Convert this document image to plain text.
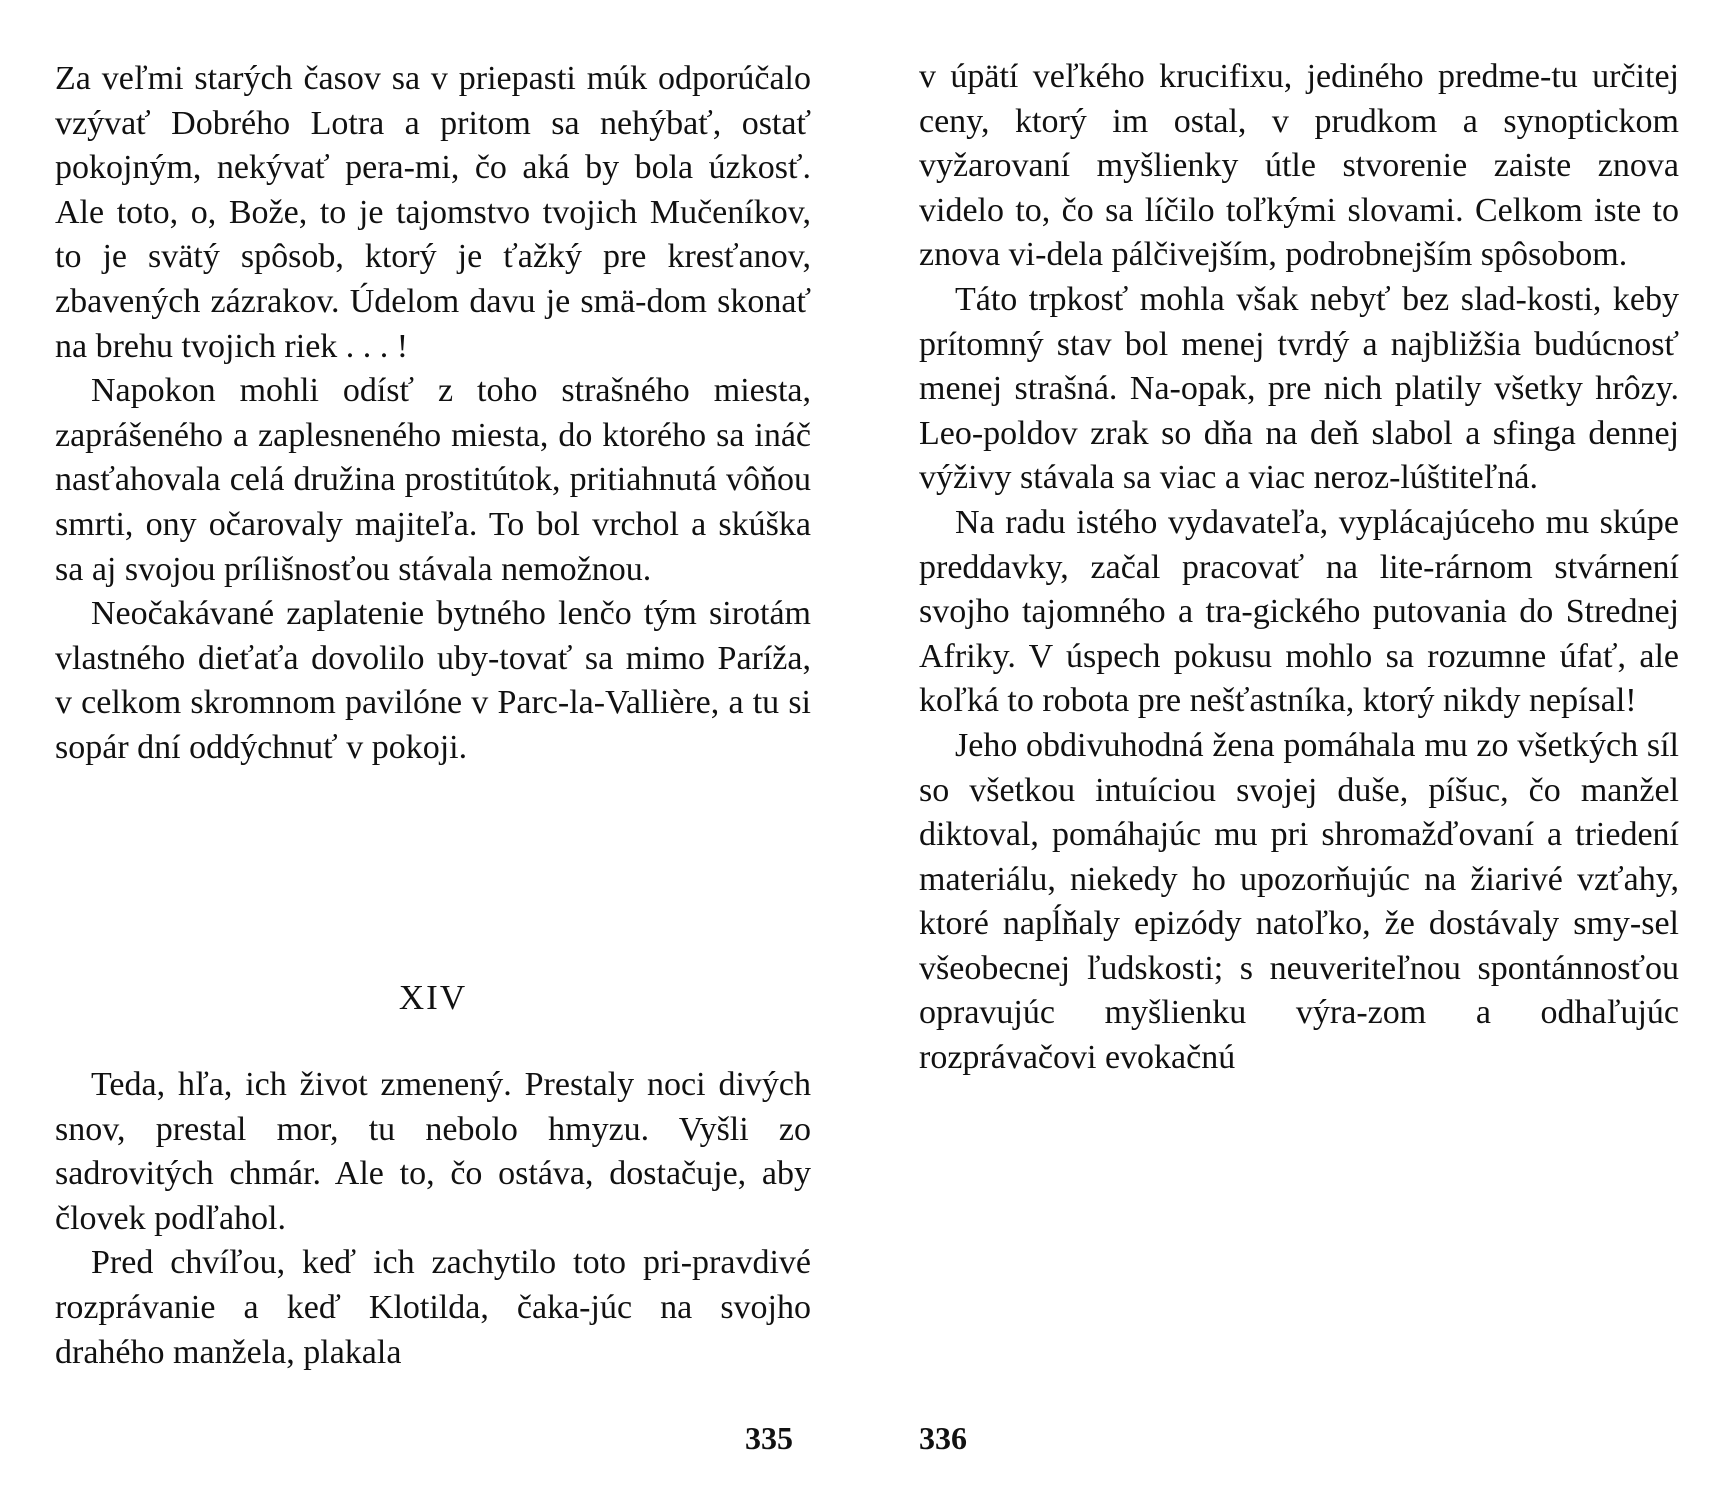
Za veľmi starých časov sa v priepasti múk odporúčalo vzývať Dobrého Lotra a pritom sa nehýbať, ostať pokojným, nekývať pera-mi, čo aká by bola úzkosť. Ale toto, o, Bože, to je tajomstvo tvojich Mučeníkov, to je svätý spôsob, ktorý je ťažký pre kresťanov, zbavených zázrakov. Údelom davu je smä-dom skonať na brehu tvojich riek . . . !

Napokon mohli odísť z toho strašného miesta, zaprášeného a zaplesneného miesta, do ktorého sa ináč nasťahovala celá družina prostitútok, pritiahnutá vôňou smrti, ony očarovaly majiteľa. To bol vrchol a skúška sa aj svojou prílišnosťou stávala nemožnou.

Neočakávané zaplatenie bytného lenčo tým sirotám vlastného dieťaťa dovolilo uby-tovať sa mimo Paríža, v celkom skromnom pavilóne v Parc-la-Vallière, a tu si sopár dní oddýchnuť v pokoji.

XIV

Teda, hľa, ich život zmenený. Prestaly noci divých snov, prestal mor, tu nebolo hmyzu. Vyšli zo sadrovitých chmár. Ale to, čo ostáva, dostačuje, aby človek podľahol.

Pred chvíľou, keď ich zachytilo toto pri-pravdivé rozprávanie a keď Klotilda, čaka-júc na svojho drahého manžela, plakala

335

v úpätí veľkého krucifixu, jediného predme-tu určitej ceny, ktorý im ostal, v prudkom a synoptickom vyžarovaní myšlienky útle stvorenie zaiste znova videlo to, čo sa líčilo toľkými slovami. Celkom iste to znova vi-dela pálčivejším, podrobnejším spôsobom.

Táto trpkosť mohla však nebyť bez slad-kosti, keby prítomný stav bol menej tvrdý a najbližšia budúcnosť menej strašná. Na-opak, pre nich platily všetky hrôzy. Leo-poldov zrak so dňa na deň slabol a sfinga dennej výživy stávala sa viac a viac neroz-lúštiteľná.

Na radu istého vydavateľa, vyplácajúceho mu skúpe preddavky, začal pracovať na lite-rárnom stvárnení svojho tajomného a tra-gického putovania do Strednej Afriky. V úspech pokusu mohlo sa rozumne úfať, ale koľká to robota pre nešťastníka, ktorý nikdy nepísal!

Jeho obdivuhodná žena pomáhala mu zo všetkých síl so všetkou intuíciou svojej duše, píšuc, čo manžel diktoval, pomáhajúc mu pri shromažďovaní a triedení materiálu, niekedy ho upozorňujúc na žiarivé vzťahy, ktoré napĺňaly epizódy natoľko, že dostávaly smy-sel všeobecnej ľudskosti; s neuveriteľnou spontánnosťou opravujúc myšlienku výra-zom a odhaľujúc rozprávačovi evokačnú

336
